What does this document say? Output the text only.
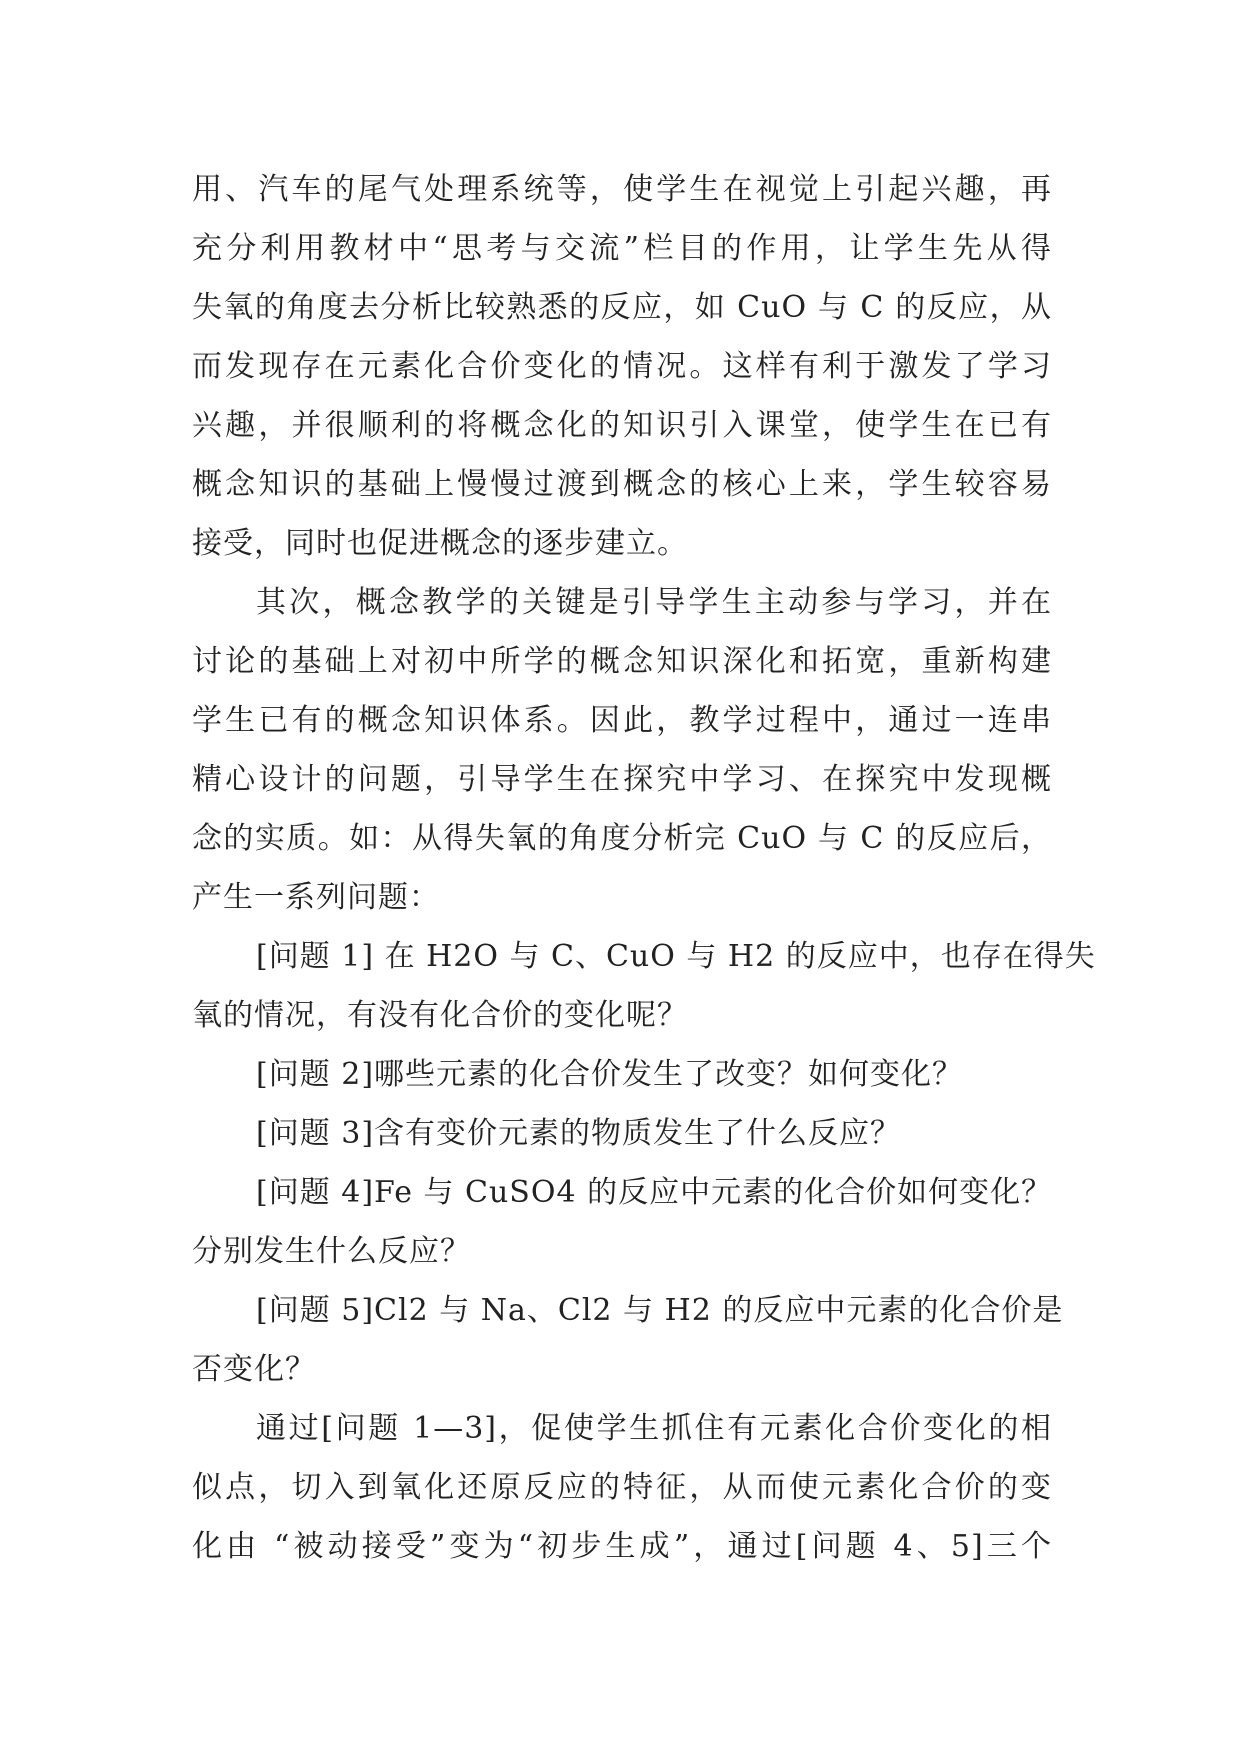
用、汽车的尾气处理系统等，使学生在视觉上引起兴趣，再
充分利用教材中“思考与交流”栏目的作用，让学生先从得
失氧的角度去分析比较熟悉的反应，如 CuO 与 C 的反应，从
而发现存在元素化合价变化的情况。这样有利于激发了学习
兴趣，并很顺利的将概念化的知识引入课堂，使学生在已有
概念知识的基础上慢慢过渡到概念的核心上来，学生较容易
接受，同时也促进概念的逐步建立。
其次，概念教学的关键是引导学生主动参与学习，并在
讨论的基础上对初中所学的概念知识深化和拓宽，重新构建
学生已有的概念知识体系。因此，教学过程中，通过一连串
精心设计的问题，引导学生在探究中学习、在探究中发现概
念的实质。如：从得失氧的角度分析完 CuO 与 C 的反应后，
产生一系列问题：
[问题 1] 在 H2O 与 C、CuO 与 H2 的反应中，也存在得失
氧的情况，有没有化合价的变化呢？
[问题 2]哪些元素的化合价发生了改变？如何变化？
[问题 3]含有变价元素的物质发生了什么反应？
[问题 4]Fe 与 CuSO4 的反应中元素的化合价如何变化？
分别发生什么反应？
[问题 5]Cl2 与 Na、Cl2 与 H2 的反应中元素的化合价是
否变化？
通过[问题 1—3]，促使学生抓住有元素化合价变化的相
似点，切入到氧化还原反应的特征，从而使元素化合价的变
化由 “被动接受”变为“初步生成”，通过[问题 4、5]三个
